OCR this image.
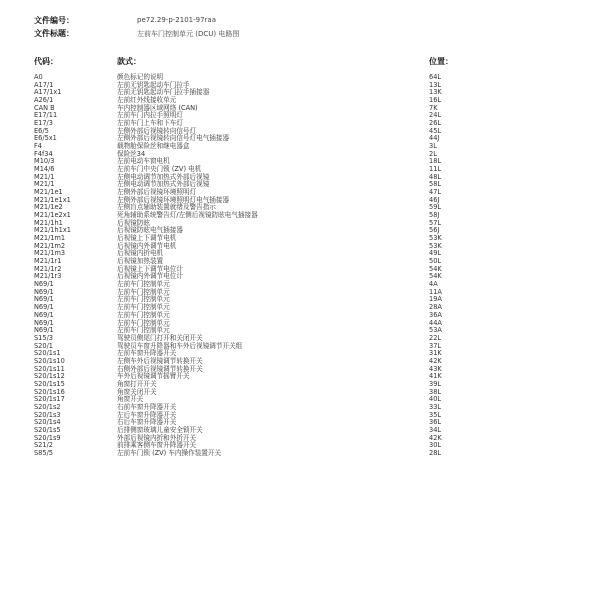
文件编号：	pe72.29-p-2101-97raa
文件标题：	左前车门控制单元 (DCU) 电路图
代码：	款式：	位置：
A0	颜色标记的说明	64L
A17/1	左前无钥匙起动车门拉手	13L
A17/1x1	左前无钥匙起动车门拉手插接器	13K
A26/1	左前红外线接收单元	16L
CAN B	车内控制器区域网络 (CAN)	7K
E17/11	左前车门内拉手照明灯	24L
E17/3	左前车门上车和下车灯	26L
E6/5	左侧外部后视镜转向信号灯	45L
E6/5x1	左侧外部后视镜转向信号灯电气插接器	44J
F4	载物舱保险丝和继电器盒	3L
F4f34	保险丝34	2L
M10/3	左前电动车窗电机	18L
M14/6	左前车门中央门锁 (ZV) 电机	11L
M21/1	左侧电动调节加热式外部后视镜	48L
M21/1	左侧电动调节加热式外部后视镜	58L
M21/1e1	左侧外部后视镜环境照明灯	47L
M21/1e1x1	左侧外部后视镜环境照明灯电气插接器	46J
M21/1e2	左侧盲点辅助装置就绪及警告指示	59L
M21/1e2x1	死角辅助系统警告灯/左侧后视镜防眩电气插接器	58J
M21/1h1	后视镜防眩	57L
M21/1h1x1	后视镜防眩电气插接器	56J
M21/1m1	后视镜上下调节电机	53K
M21/1m2	后视镜内外调节电机	53K
M21/1m3	后视镜内折电机	49L
M21/1r1	后视镜加热装置	50L
M21/1r2	后视镜上下调节电位计	54K
M21/1r3	后视镜内外调节电位计	54K
N69/1	左前车门控制单元	4A
N69/1	左前车门控制单元	11A
N69/1	左前车门控制单元	19A
N69/1	左前车门控制单元	28A
N69/1	左前车门控制单元	36A
N69/1	左前车门控制单元	44A
N69/1	左前车门控制单元	53A
S15/3	驾驶员侧尾门打开和关闭开关	22L
S20/1	驾驶员车窗升降器和车外后视镜调节开关组	37L
S20/1s1	左前车窗升降器开关	31K
S20/1s10	左侧车外后视镜调节转换开关	42K
S20/1s11	右侧外部后视镜调节转换开关	43K
S20/1s12	车外后视镜调节摇臂开关	41K
S20/1s15	角窗打开开关	39L
S20/1s16	角窗关闭开关	38L
S20/1s17	角窗开关	40L
S20/1s2	右前车窗升降器开关	33L
S20/1s3	左后车窗升降器开关	35L
S20/1s4	右后车窗升降器开关	36L
S20/1s5	后排侧窗玻璃儿童安全锁开关	34L
S20/1s9	外部后视镜内折和外折开关	42K
S21/2	前排乘客侧车窗升降器开关	30L
S85/5	左前车门锁 (ZV) 车内操作装置开关	28L
